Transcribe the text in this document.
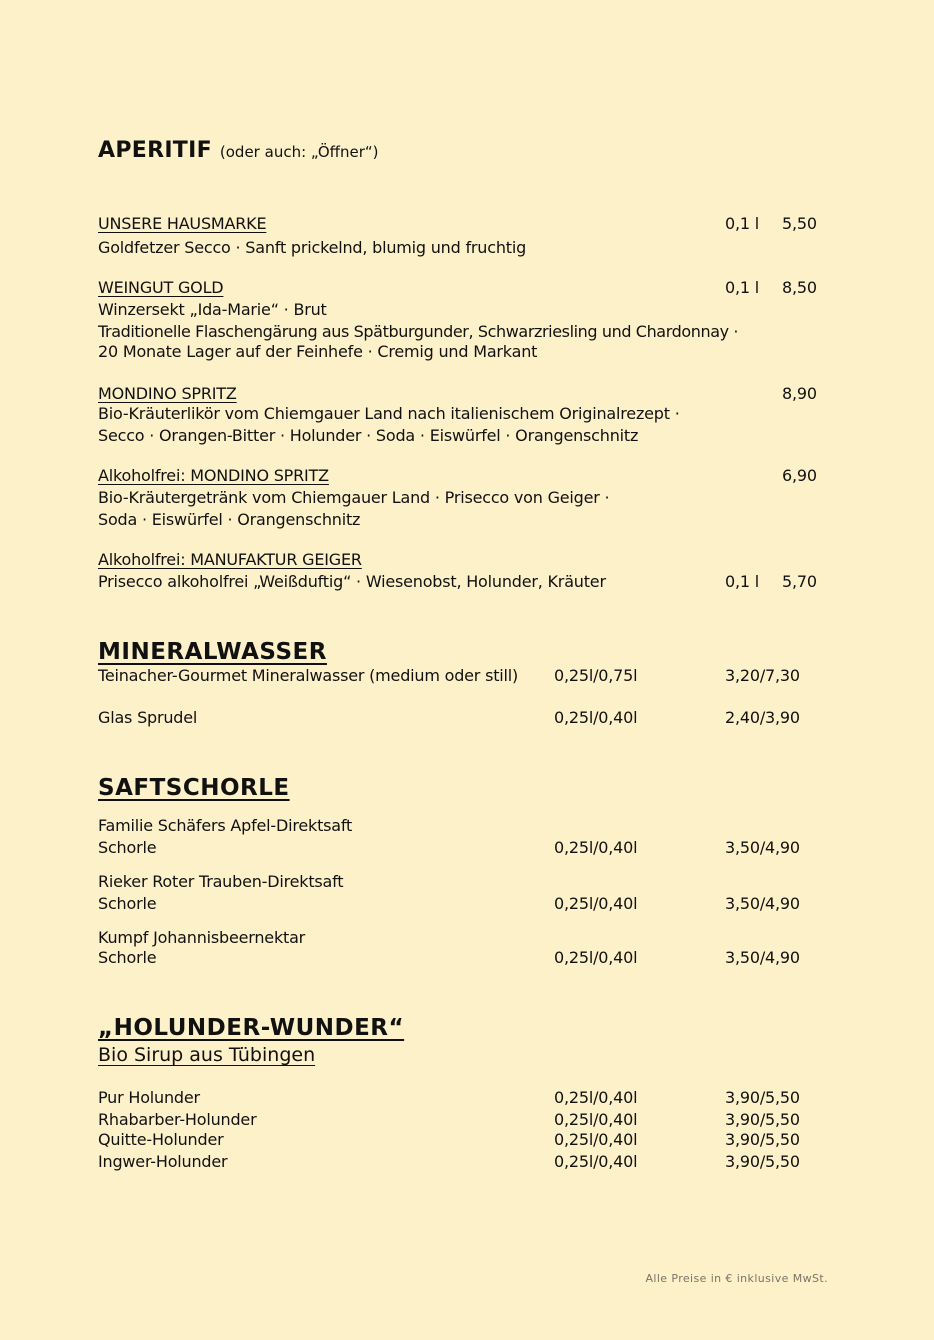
APERITIF (oder auch: „Öffner“)
UNSERE HAUSMARKE
Goldfetzer Secco · Sanft prickelnd, blumig und fruchtig
0,1 l 5,50
WEINGUT GOLD
Winzersekt „Ida-Marie“ · Brut
Traditionelle Flaschengärung aus Spätburgunder, Schwarzriesling und Chardonnay ·
20 Monate Lager auf der Feinhefe · Cremig und Markant
0,1 l 8,50
MONDINO SPRITZ
Bio-Kräuterlikör vom Chiemgauer Land nach italienischem Originalrezept ·
Secco · Orangen-Bitter · Holunder · Soda · Eiswürfel · Orangenschnitz
8,90
Alkoholfrei: MONDINO SPRITZ
Bio-Kräutergetränk vom Chiemgauer Land · Prisecco von Geiger ·
Soda · Eiswürfel · Orangenschnitz
6,90
Alkoholfrei: MANUFAKTUR GEIGER
Prisecco alkoholfrei „Weißduftig“ · Wiesenobst, Holunder, Kräuter	0,1 l 5,70
MINERALWASSER
Teinacher-Gourmet Mineralwasser (medium oder still) 0,25l/0,75l	3,20/7,30
Glas Sprudel	0,25l/0,40l	2,40/3,90
SAFTSCHORLE
Familie Schäfers Apfel-Direktsaft
Schorle	0,25l/0,40l	3,50/4,90
Rieker Roter Trauben-Direktsaft
Schorle	0,25l/0,40l	3,50/4,90
Kumpf Johannisbeernektar
Schorle	0,25l/0,40l	3,50/4,90
„HOLUNDER-WUNDER“
Bio Sirup aus Tübingen
Pur Holunder	0,25l/0,40l	3,90/5,50
Rhabarber-Holunder	0,25l/0,40l	3,90/5,50
Quitte-Holunder	0,25l/0,40l	3,90/5,50
Ingwer-Holunder	0,25l/0,40l	3,90/5,50
Alle Preise in € inklusive MwSt.
